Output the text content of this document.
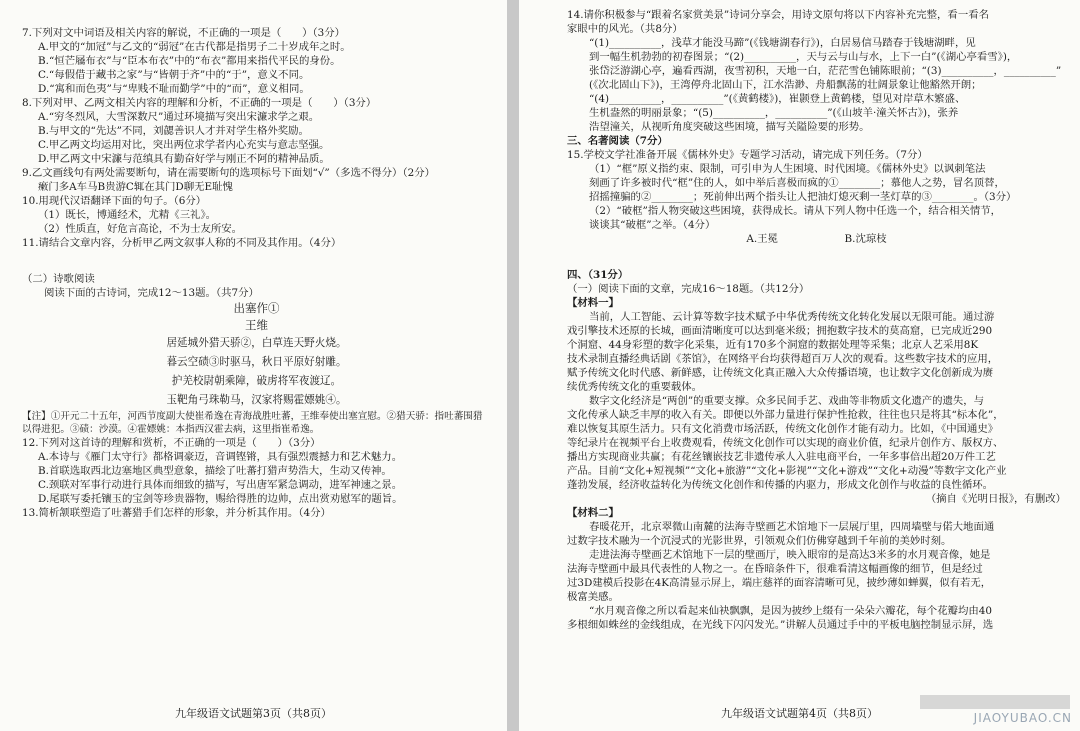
7.下列对文中词语及相关内容的解说，不正确的一项是（　　）（3分）
A.甲文的“加冠”与乙文的“弱冠”在古代都是指男子二十岁成年之时。
B.“恒芒屩布衣”与“臣本布衣”中的“布衣”都用来指代平民的身份。
C.“每假借于藏书之家”与“皆朝于齐”中的“于”，意义不同。
D.“寓和而色夷”与“卑贱不耻而勤学”中的“而”，意义相同。
8.下列对甲、乙两文相关内容的理解和分析，不正确的一项是（　　）（3分）
A.“穷冬烈风，大雪深数尺”通过环境描写突出宋濂求学之艰。
B.与甲文的“先达”不同，刘勰善识人才并对学生格外奖励。
C.甲乙两文均运用对比，突出两位求学者内心充实与意志坚强。
D.甲乙两文中宋濂与范缜具有勤奋好学与刚正不阿的精神品质。
9.乙文画线句有两处需要断句，请在需要断句的选项标号下面划“√”（多选不得分）（2分）
瘷门多A车马B贵游C辄在其门D聊无E耻愧
10.用现代汉语翻译下面的句子。（6分）
（1）既长，博通经术，尤精《三礼》。
（2）性质直，好危言高论，不为士友所安。
11.请结合文章内容，分析甲乙两文叙事人称的不同及其作用。（4分）
（二）诗歌阅读
阅读下面的古诗词，完成12～13题。（共7分）
出塞作①
王维
居延城外猎天骄②，白草连天野火烧。
暮云空碛③时驱马，秋日平原好射雕。
护羌校尉朝乘障，破虏将军夜渡辽。
玉靶角弓珠勒马，汉家将赐霍嫖姚④。
【注】①开元二十五年，河西节度副大使崔希逸在青海战胜吐蕃，王维奉使出塞宣慰。②猎天骄：指吐蕃围猎
以得进犯。③碛：沙漠。④霍嫖姚：本指西汉霍去病，这里指崔希逸。
12.下列对这首诗的理解和赏析，不正确的一项是（　　）（3分）
A.本诗与《雁门太守行》都格调豪迈，音调铿锵，具有强烈震撼力和艺术魅力。
B.首联选取西北边塞地区典型意象，描绘了吐蕃打猎声势浩大，生动又传神。
C.颈联对军事行动进行具体而细致的描写，写出唐军紧急调动，进军神速之景。
D.尾联写委托镶玉的宝剑等珍贵器物，赐给得胜的边帅，点出赏劝慰军的题旨。
13.简析颔联塑造了吐蕃猎手们怎样的形象，并分析其作用。（4分）
九年级语文试题第3页（共8页）
14.请你积极参与“跟着名家赏美景”诗词分享会，用诗文原句将以下内容补充完整，看一看名
家眼中的风光。（共8分）
“(1)__________，浅草才能没马蹄”(《钱塘湖春行》)，白居易信马踏春于钱塘湖畔，见
到一幅生机勃勃的初春图景；“(2)__________，天与云与山与水，上下一白”(《湖心亭看雪》)，
张岱泛游湖心亭，遍看西湖，夜雪初积，天地一白，茫茫雪色铺陈眼前；“(3)__________，__________”
(《次北固山下》)，王湾停舟北固山下，江水浩渺、舟船飘荡的壮阔景象让他豁然开朗；
“(4)__________，__________”(《黄鹤楼》)，崔颢登上黄鹤楼，望见对岸草木繁盛、
生机盎然的明丽景象；“(5)__________，__________”(《山坡羊·潼关怀古》)，张养
浩望潼关，从视听角度突破这些困境，描写关隘险要的形势。
三、名著阅读（7分）
15.学校文学社准备开展《儒林外史》专题学习活动，请完成下列任务。（7分）
（1）“框”原义指约束、限制，可引申为人生困境、时代困境。《儒林外史》以讽刺笔法
刻画了许多被时代“框”住的人，如中举后喜极而疯的①________；慕他人之势，冒名顶替，
招摇撞骗的②________；死前伸出两个指头让人把油灯熄灭剩一茎灯草的③________。（3分）
（2）“破框”指人物突破这些困境，获得成长。请从下列人物中任选一个，结合相关情节，
谈谈其“破框”之举。（4分）
A.王冕	B.沈琼枝
四、（31分）
（一）阅读下面的文章，完成16～18题。（共12分）
【材料一】
当前，人工智能、云计算等数字技术赋予中华优秀传统文化转化发展以无限可能。通过游
戏引擎技术还原的长城，画面清晰度可以达到毫米级；拥抱数字技术的莫高窟，已完成近290
个洞窟、44身彩塑的数字化采集，近有170多个洞窟的数据处理等采集；北京人艺采用8K
技术录制直播经典话剧《茶馆》，在网络平台均获得超百万人次的观看。这些数字技术的应用，
赋予传统文化时代感、新鲜感，让传统文化真正融入大众传播语境，也让数字文化创新成为赓
续优秀传统文化的重要载体。
数字文化经济是“两创”的重要支撑。众多民间手艺、戏曲等非物质文化遗产的遗失，与
文化传承人缺乏丰厚的收入有关。即便以外部力量进行保护性抢救，往往也只是将其“标本化”，
难以恢复其原生活力。只有文化消费市场活跃，传统文化创作才能有动力。比如，《中国通史》
等纪录片在视频平台上收费观看，传统文化创作可以实现的商业价值，纪录片创作方、版权方、
播出方实现商业共赢；有花丝镶嵌技艺非遗传承人入驻电商平台，一年多事倍出超20万件工艺
产品。目前“文化+短视频”“文化+旅游”“文化+影视”“文化+游戏”“文化+动漫”等数字文化产业
蓬勃发展，经济收益转化为传统文化创作和传播的内驱力，形成文化创作与收益的良性循环。
（摘自《光明日报》，有删改）
【材料二】
春暖花开，北京翠微山南麓的法海寺壁画艺术馆地下一层展厅里，四周墙壁与偌大地面通
过数字技术融为一个沉浸式的光影世界，引领观众们仿佛穿越到千年前的美妙时刻。
走进法海寺壁画艺术馆地下一层的壁画厅，映入眼帘的是高达3米多的水月观音像，她是
法海寺壁画中最具代表性的人物之一。在昏暗条件下，很难看清这幅画像的细节，但是经过
过3D建模后投影在4K高清显示屏上，端庄慈祥的面容清晰可见，披纱薄如蝉翼，似有若无，
极富美感。
“水月观音像之所以看起来仙袂飘飘，是因为披纱上缀有一朵朵六瓣花，每个花瓣均由40
多根细如蛛丝的金线组成，在光线下闪闪发光。”讲解人员通过手中的平板电脑控制显示屏，选
九年级语文试题第4页（共8页）	JIAOYUBAO.CN
